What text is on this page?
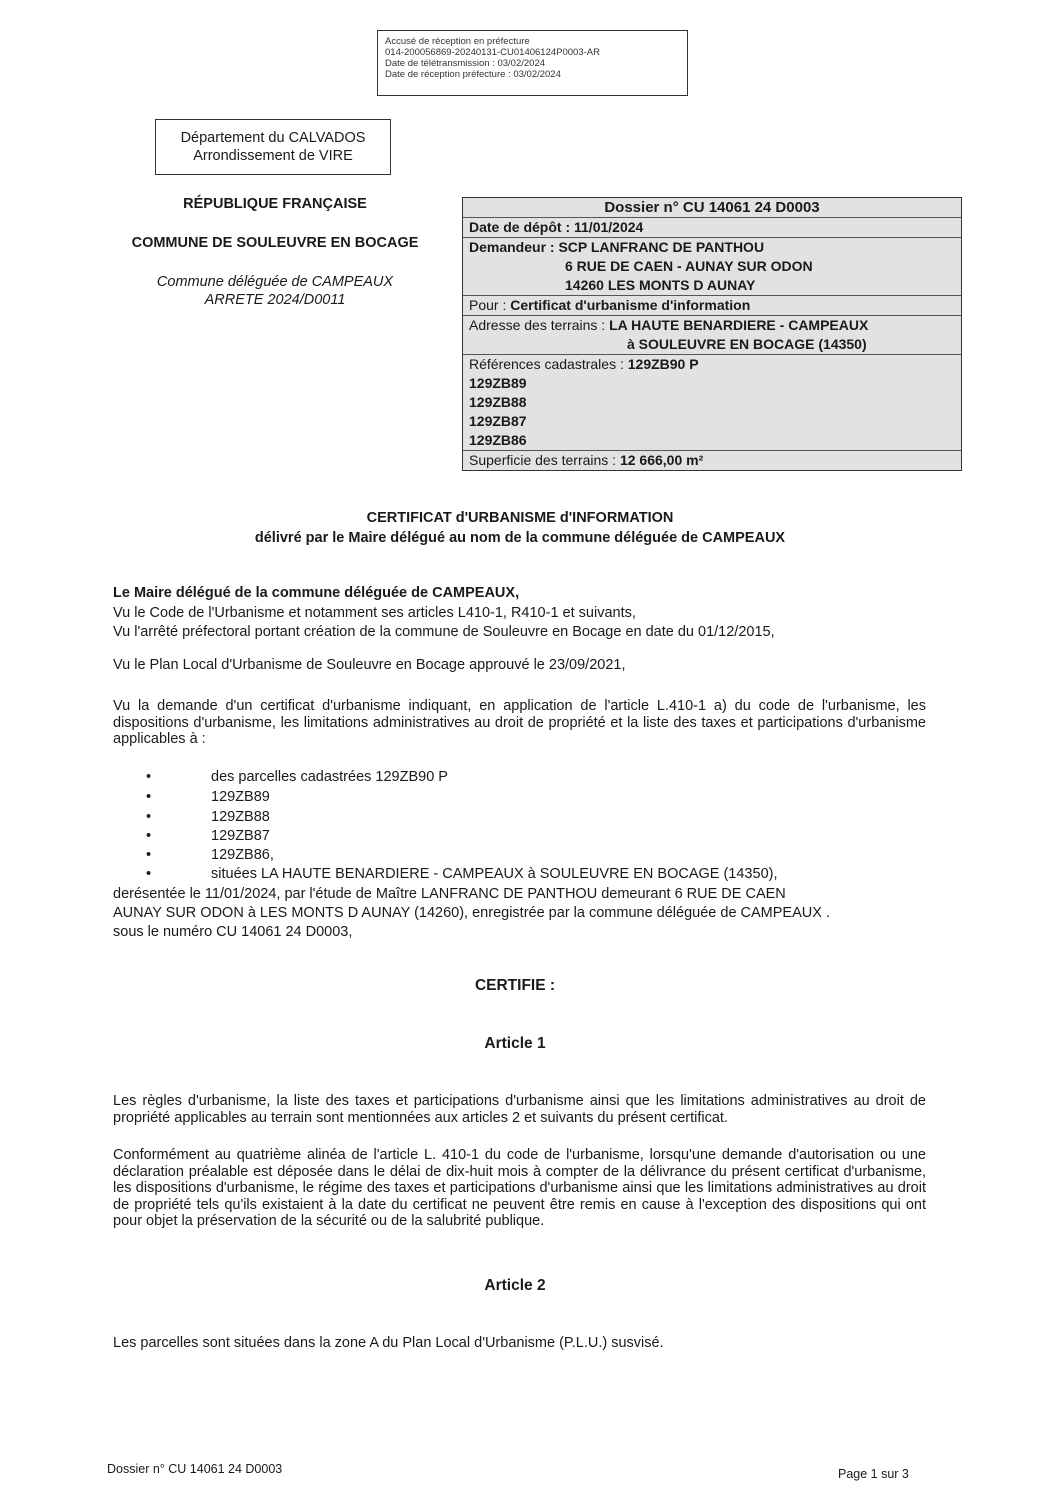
Accusé de réception en préfecture
014-200056869-20240131-CU01406124P0003-AR
Date de télétransmission : 03/02/2024
Date de réception préfecture : 03/02/2024
Département du CALVADOS
Arrondissement de VIRE
RÉPUBLIQUE FRANÇAISE
COMMUNE DE SOULEUVRE EN BOCAGE
Commune déléguée de CAMPEAUX
ARRETE 2024/D0011
Dossier n° CU 14061 24 D0003
Date de dépôt : 11/01/2024
Demandeur : SCP LANFRANC DE PANTHOU
6 RUE DE CAEN - AUNAY SUR ODON
14260 LES MONTS D AUNAY
Pour : Certificat d'urbanisme d'information
Adresse des terrains : LA HAUTE BENARDIERE - CAMPEAUX
à SOULEUVRE EN BOCAGE (14350)
Références cadastrales : 129ZB90 P
129ZB89
129ZB88
129ZB87
129ZB86
Superficie des terrains : 12 666,00 m²
CERTIFICAT d'URBANISME d'INFORMATION
délivré par le Maire délégué au nom de la commune déléguée de CAMPEAUX
Le Maire délégué de la commune déléguée de CAMPEAUX,
Vu le Code de l'Urbanisme et notamment ses articles L410-1, R410-1 et suivants,
Vu l'arrêté préfectoral portant création de la commune de Souleuvre en Bocage en date du 01/12/2015,
Vu le Plan Local d'Urbanisme de Souleuvre en Bocage approuvé le 23/09/2021,
Vu la demande d'un certificat d'urbanisme indiquant, en application de l'article L.410-1 a) du code de l'urbanisme, les dispositions d'urbanisme, les limitations administratives au droit de propriété et la liste des taxes et participations d'urbanisme applicables à :
•	des parcelles cadastrées 129ZB90 P
•	129ZB89
•	129ZB88
•	129ZB87
•	129ZB86,
•	situées LA HAUTE BENARDIERE - CAMPEAUX à SOULEUVRE EN BOCAGE (14350),
derésentée le 11/01/2024, par l'étude de Maître LANFRANC DE PANTHOU demeurant 6 RUE DE CAEN
AUNAY SUR ODON à LES MONTS D AUNAY (14260), enregistrée par la commune déléguée de CAMPEAUX .
sous le numéro CU 14061 24 D0003,
CERTIFIE :
Article 1
Les règles d'urbanisme, la liste des taxes et participations d'urbanisme ainsi que les limitations administratives au droit de propriété applicables au terrain sont mentionnées aux articles 2 et suivants du présent certificat.
Conformément au quatrième alinéa de l'article L. 410-1 du code de l'urbanisme, lorsqu'une demande d'autorisation ou une déclaration préalable est déposée dans le délai de dix-huit mois à compter de la délivrance du présent certificat d'urbanisme, les dispositions d'urbanisme, le régime des taxes et participations d'urbanisme ainsi que les limitations administratives au droit de propriété tels qu'ils existaient à la date du certificat ne peuvent être remis en cause à l'exception des dispositions qui ont pour objet la préservation de la sécurité ou de la salubrité publique.
Article 2
Les parcelles sont situées dans la zone A du Plan Local d'Urbanisme (P.L.U.) susvisé.
Dossier n° CU 14061 24 D0003	Page 1 sur 3
